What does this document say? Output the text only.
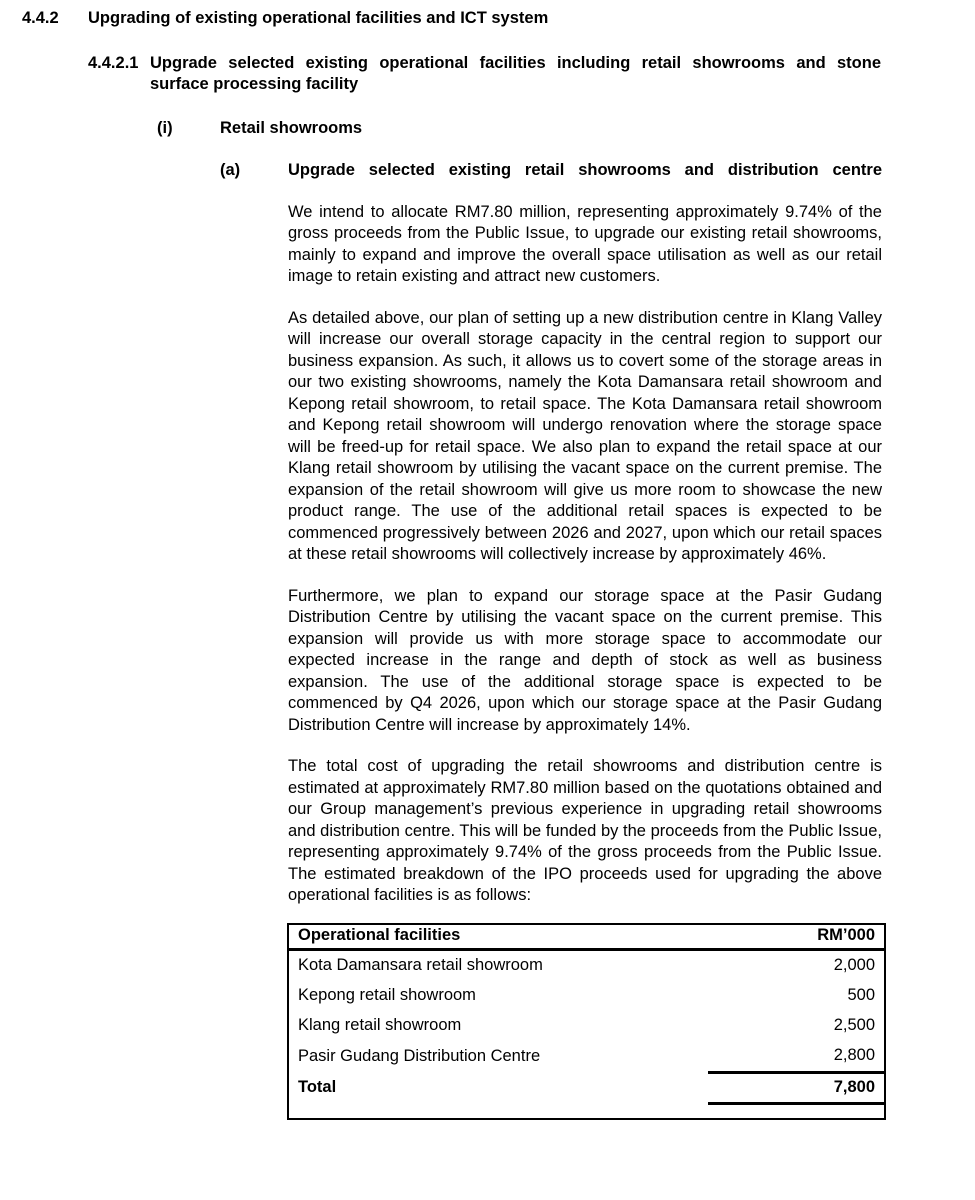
4.4.2	Upgrading of existing operational facilities and ICT system
4.4.2.1 Upgrade selected existing operational facilities including retail showrooms and stone surface processing facility
(i)	Retail showrooms
(a)	Upgrade selected existing retail showrooms and distribution centre

We intend to allocate RM7.80 million, representing approximately 9.74% of the gross proceeds from the Public Issue, to upgrade our existing retail showrooms, mainly to expand and improve the overall space utilisation as well as our retail image to retain existing and attract new customers.

As detailed above, our plan of setting up a new distribution centre in Klang Valley will increase our overall storage capacity in the central region to support our business expansion. As such, it allows us to covert some of the storage areas in our two existing showrooms, namely the Kota Damansara retail showroom and Kepong retail showroom, to retail space. The Kota Damansara retail showroom and Kepong retail showroom will undergo renovation where the storage space will be freed-up for retail space. We also plan to expand the retail space at our Klang retail showroom by utilising the vacant space on the current premise. The expansion of the retail showroom will give us more room to showcase the new product range. The use of the additional retail spaces is expected to be commenced progressively between 2026 and 2027, upon which our retail spaces at these retail showrooms will collectively increase by approximately 46%.

Furthermore, we plan to expand our storage space at the Pasir Gudang Distribution Centre by utilising the vacant space on the current premise. This expansion will provide us with more storage space to accommodate our expected increase in the range and depth of stock as well as business expansion. The use of the additional storage space is expected to be commenced by Q4 2026, upon which our storage space at the Pasir Gudang Distribution Centre will increase by approximately 14%.

The total cost of upgrading the retail showrooms and distribution centre is estimated at approximately RM7.80 million based on the quotations obtained and our Group management’s previous experience in upgrading retail showrooms and distribution centre. This will be funded by the proceeds from the Public Issue, representing approximately 9.74% of the gross proceeds from the Public Issue. The estimated breakdown of the IPO proceeds used for upgrading the above operational facilities is as follows:

Operational facilities	RM’000
Kota Damansara retail showroom	2,000
Kepong retail showroom	500
Klang retail showroom	2,500
Pasir Gudang Distribution Centre	2,800
Total	7,800
